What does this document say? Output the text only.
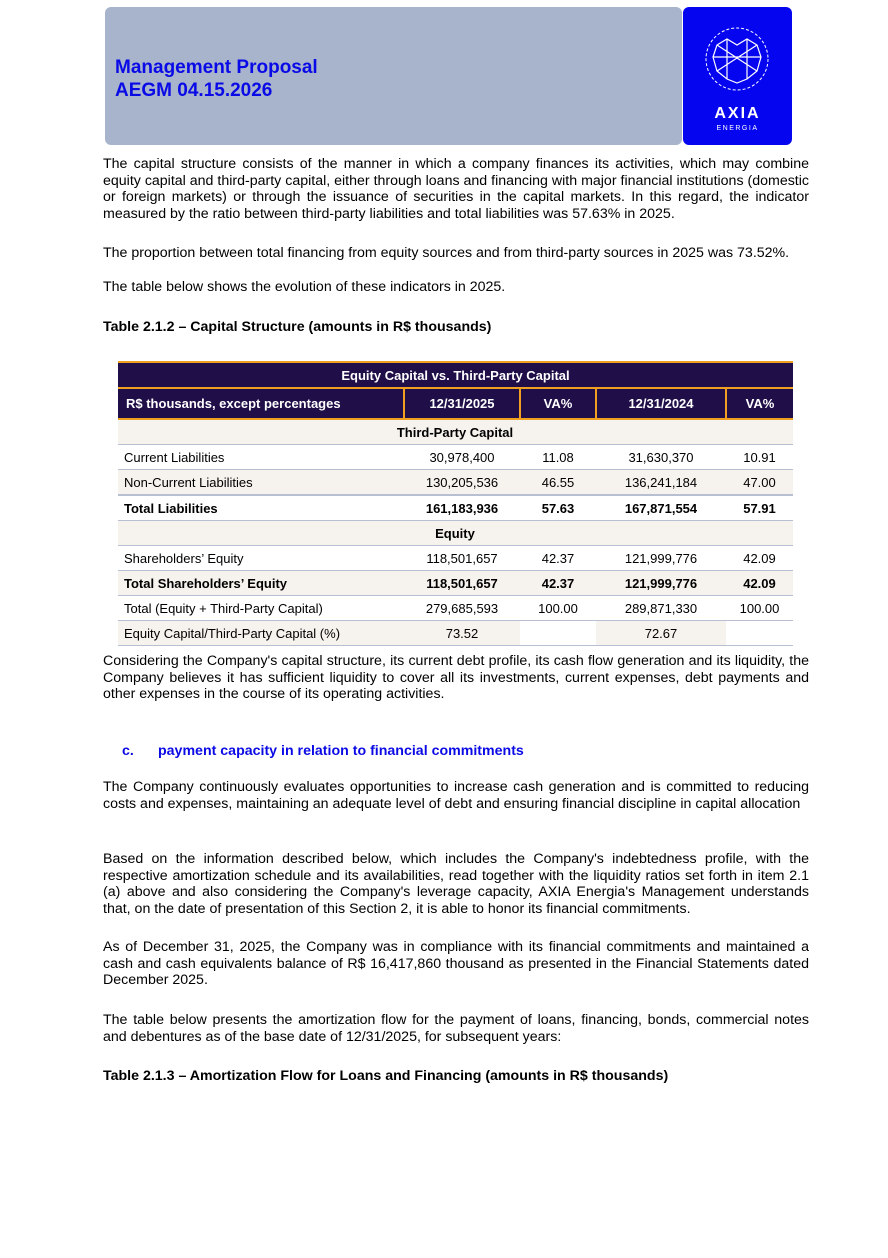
Management Proposal
AEGM 04.15.2026
AXIA
ENERGIA

The capital structure consists of the manner in which a company finances its activities, which may combine equity capital and third-party capital, either through loans and financing with major financial institutions (domestic or foreign markets) or through the issuance of securities in the capital markets. In this regard, the indicator measured by the ratio between third-party liabilities and total liabilities was 57.63% in 2025.

The proportion between total financing from equity sources and from third-party sources in 2025 was 73.52%.

The table below shows the evolution of these indicators in 2025.

Table 2.1.2 – Capital Structure (amounts in R$ thousands)
Equity Capital vs. Third-Party Capital				
R$ thousands, except percentages	12/31/2025	VA%	12/31/2024	VA%
Third-Party Capital				
Current Liabilities	30,978,400	11.08	31,630,370	10.91
Non-Current Liabilities	130,205,536	46.55	136,241,184	47.00
Total Liabilities	161,183,936	57.63	167,871,554	57.91
Equity				
Shareholders’ Equity	118,501,657	42.37	121,999,776	42.09
Total Shareholders’ Equity	118,501,657	42.37	121,999,776	42.09
Total (Equity + Third-Party Capital)	279,685,593	100.00	289,871,330	100.00
Equity Capital/Third-Party Capital (%)	73.52		72.67	

Considering the Company's capital structure, its current debt profile, its cash flow generation and its liquidity, the Company believes it has sufficient liquidity to cover all its investments, current expenses, debt payments and other expenses in the course of its operating activities.

c. payment capacity in relation to financial commitments

The Company continuously evaluates opportunities to increase cash generation and is committed to reducing costs and expenses, maintaining an adequate level of debt and ensuring financial discipline in capital allocation

Based on the information described below, which includes the Company's indebtedness profile, with the respective amortization schedule and its availabilities, read together with the liquidity ratios set forth in item 2.1 (a) above and also considering the Company's leverage capacity, AXIA Energia's Management understands that, on the date of presentation of this Section 2, it is able to honor its financial commitments.

As of December 31, 2025, the Company was in compliance with its financial commitments and maintained a cash and cash equivalents balance of R$ 16,417,860 thousand as presented in the Financial Statements dated December 2025.

The table below presents the amortization flow for the payment of loans, financing, bonds, commercial notes and debentures as of the base date of 12/31/2025, for subsequent years:

Table 2.1.3 – Amortization Flow for Loans and Financing (amounts in R$ thousands)
